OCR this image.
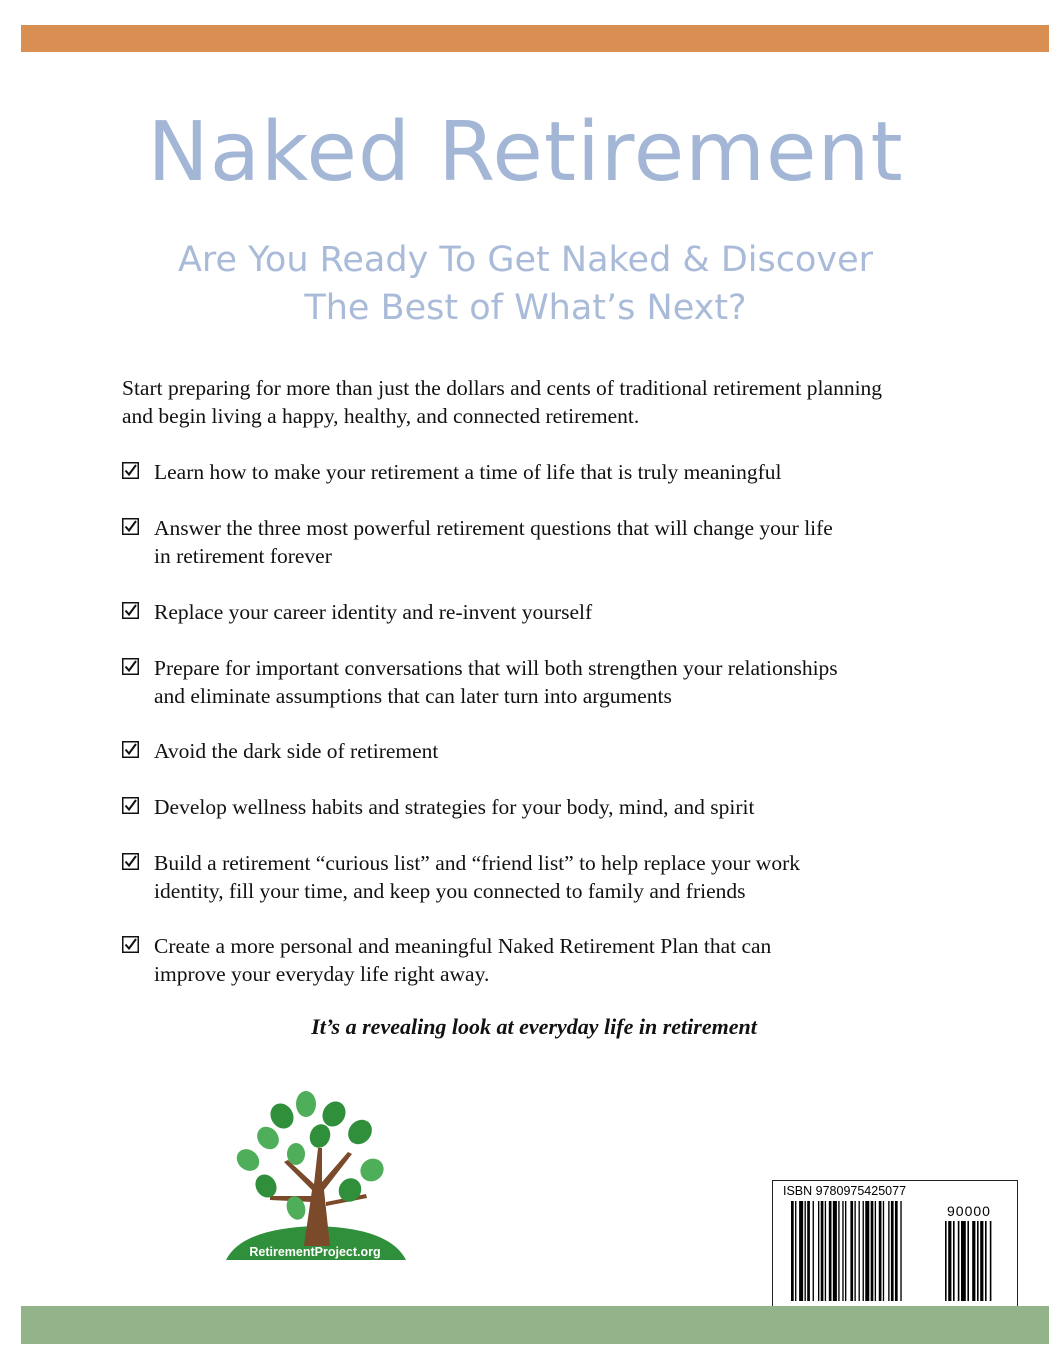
Naked Retirement
Are You Ready To Get Naked & Discover
The Best of What’s Next?
Start preparing for more than just the dollars and cents of traditional retirement planning
and begin living a happy, healthy, and connected retirement.
Learn how to make your retirement a time of life that is truly meaningful
Answer the three most powerful retirement questions that will change your life
in retirement forever
Replace your career identity and re-invent yourself
Prepare for important conversations that will both strengthen your relationships
and eliminate assumptions that can later turn into arguments
Avoid the dark side of retirement
Develop wellness habits and strategies for your body, mind, and spirit
Build a retirement “curious list” and “friend list” to help replace your work
identity, fill your time, and keep you connected to family and friends
Create a more personal and meaningful Naked Retirement Plan that can
improve your everyday life right away.
It’s a revealing look at everyday life in retirement
RetirementProject.org
ISBN 9780975425077
90000
